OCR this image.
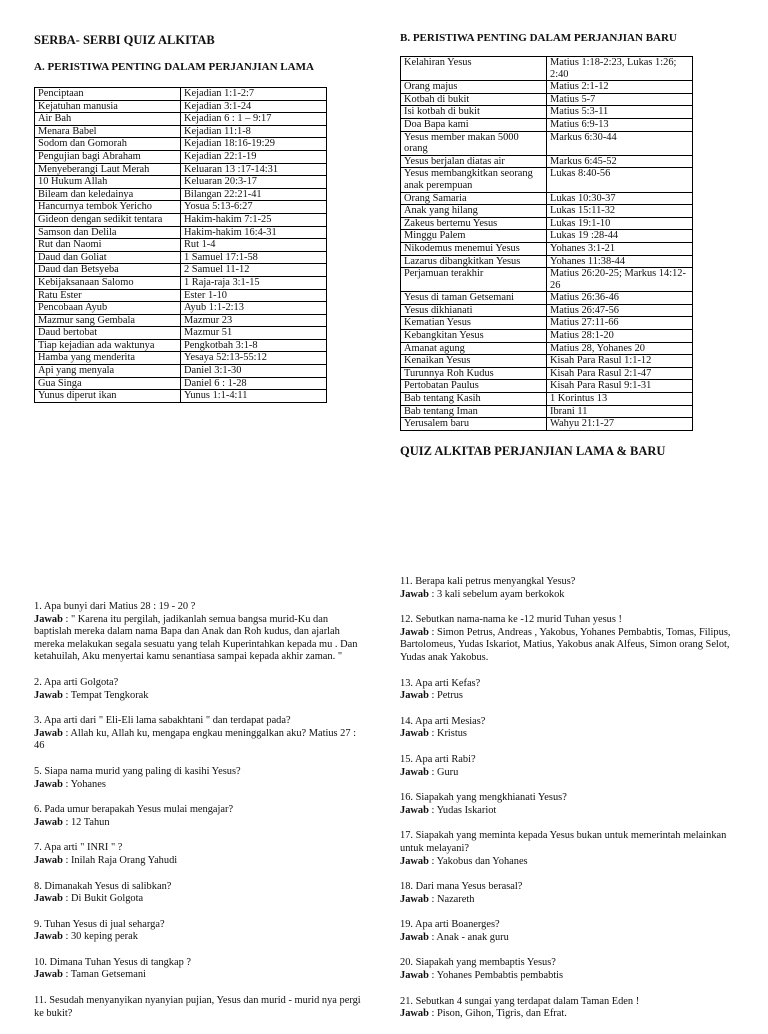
SERBA- SERBI QUIZ ALKITAB
A. PERISTIWA PENTING DALAM PERJANJIAN LAMA
Penciptaan	Kejadian 1:1-2:7
Kejatuhan manusia	Kejadian 3:1-24
Air Bah	Kejadian 6 : 1 – 9:17
Menara Babel	Kejadian 11:1-8
Sodom dan Gomorah	Kejadian 18:16-19:29
Pengujian bagi Abraham	Kejadian 22:1-19
Menyeberangi Laut Merah	Keluaran 13 :17-14:31
10 Hukum Allah	Keluaran 20:3-17
Bileam dan keledainya	Bilangan 22:21-41
Hancurnya tembok Yericho	Yosua 5:13-6:27
Gideon dengan sedikit tentara	Hakim-hakim 7:1-25
Samson dan Delila	Hakim-hakim 16:4-31
Rut dan Naomi	Rut 1-4
Daud dan Goliat	1 Samuel 17:1-58
Daud dan Betsyeba	2 Samuel 11-12
Kebijaksanaan Salomo	1 Raja-raja 3:1-15
Ratu Ester	Ester 1-10
Pencobaan Ayub	Ayub 1:1-2:13
Mazmur sang Gembala	Mazmur 23
Daud bertobat	Mazmur 51
Tiap kejadian ada waktunya	Pengkotbah 3:1-8
Hamba yang menderita	Yesaya 52:13-55:12
Api yang menyala	Daniel 3:1-30
Gua Singa	Daniel 6 : 1-28
Yunus diperut ikan	Yunus 1:1-4:11
B. PERISTIWA PENTING DALAM PERJANJIAN BARU
Kelahiran Yesus	Matius 1:18-2:23, Lukas 1:26; 2:40
Orang majus	Matius 2:1-12
Kotbah di bukit	Matius 5-7
Isi kotbah di bukit	Matius 5:3-11
Doa Bapa kami	Matius 6:9-13
Yesus member makan 5000 orang	Markus 6:30-44
Yesus berjalan diatas air	Markus 6:45-52
Yesus membangkitkan seorang anak perempuan	Lukas 8:40-56
Orang Samaria	Lukas 10:30-37
Anak yang hilang	Lukas 15:11-32
Zakeus bertemu Yesus	Lukas 19:1-10
Minggu Palem	Lukas 19 :28-44
Nikodemus menemui Yesus	Yohanes 3:1-21
Lazarus dibangkitkan Yesus	Yohanes 11:38-44
Perjamuan terakhir	Matius 26:20-25; Markus 14:12-26
Yesus di taman Getsemani	Matius 26:36-46
Yesus dikhianati	Matius 26:47-56
Kematian Yesus	Matius 27:11-66
Kebangkitan Yesus	Matius 28:1-20
Amanat agung	Matius 28, Yohanes 20
Kenaikan Yesus	Kisah Para Rasul 1:1-12
Turunnya Roh Kudus	Kisah Para Rasul 2:1-47
Pertobatan Paulus	Kisah Para Rasul 9:1-31
Bab tentang Kasih	1 Korintus 13
Bab tentang Iman	Ibrani 11
Yerusalem baru	Wahyu 21:1-27
QUIZ ALKITAB PERJANJIAN LAMA & BARU

1. Apa bunyi dari Matius 28 : 19 - 20 ?
Jawab : " Karena itu pergilah, jadikanlah semua bangsa murid-Ku dan baptislah mereka dalam nama Bapa dan Anak dan Roh kudus, dan ajarlah mereka melakukan segala sesuatu yang telah Kuperintahkan kepada mu . Dan ketahuilah, Aku menyertai kamu senantiasa sampai kepada akhir zaman. "

2. Apa arti Golgota?
Jawab : Tempat Tengkorak

3. Apa arti dari " Eli-Eli lama sabakhtani " dan terdapat pada?
Jawab : Allah ku, Allah ku, mengapa engkau meninggalkan aku? Matius 27 : 46

5. Siapa nama murid yang paling di kasihi Yesus?
Jawab : Yohanes

6. Pada umur berapakah Yesus mulai mengajar?
Jawab : 12 Tahun

7. Apa arti " INRI " ?
Jawab : Inilah Raja Orang Yahudi

8. Dimanakah Yesus di salibkan?
Jawab : Di Bukit Golgota

9. Tuhan Yesus di jual seharga?
Jawab : 30 keping perak

10. Dimana Tuhan Yesus di tangkap ?
Jawab : Taman Getsemani

11. Sesudah menyanyikan nyanyian pujian, Yesus dan murid - murid nya pergi ke bukit?

11. Berapa kali petrus menyangkal Yesus?
Jawab : 3 kali sebelum ayam berkokok

12. Sebutkan nama-nama ke -12 murid Tuhan yesus !
Jawab : Simon Petrus, Andreas , Yakobus, Yohanes Pembabtis, Tomas, Filipus, Bartolomeus, Yudas Iskariot, Matius, Yakobus anak Alfeus, Simon orang Selot, Yudas anak Yakobus.

13. Apa arti Kefas?
Jawab : Petrus

14. Apa arti Mesias?
Jawab : Kristus

15. Apa arti Rabi?
Jawab : Guru

16. Siapakah yang mengkhianati Yesus?
Jawab : Yudas Iskariot

17. Siapakah yang meminta kepada Yesus bukan untuk memerintah melainkan untuk melayani?
Jawab : Yakobus dan Yohanes

18. Dari mana Yesus berasal?
Jawab : Nazareth

19. Apa arti Boanerges?
Jawab : Anak - anak guru

20. Siapakah yang membaptis Yesus?
Jawab : Yohanes Pembabtis pembabtis

21. Sebutkan 4 sungai yang terdapat dalam Taman Eden !
Jawab : Pison, Gihon, Tigris, dan Efrat.
